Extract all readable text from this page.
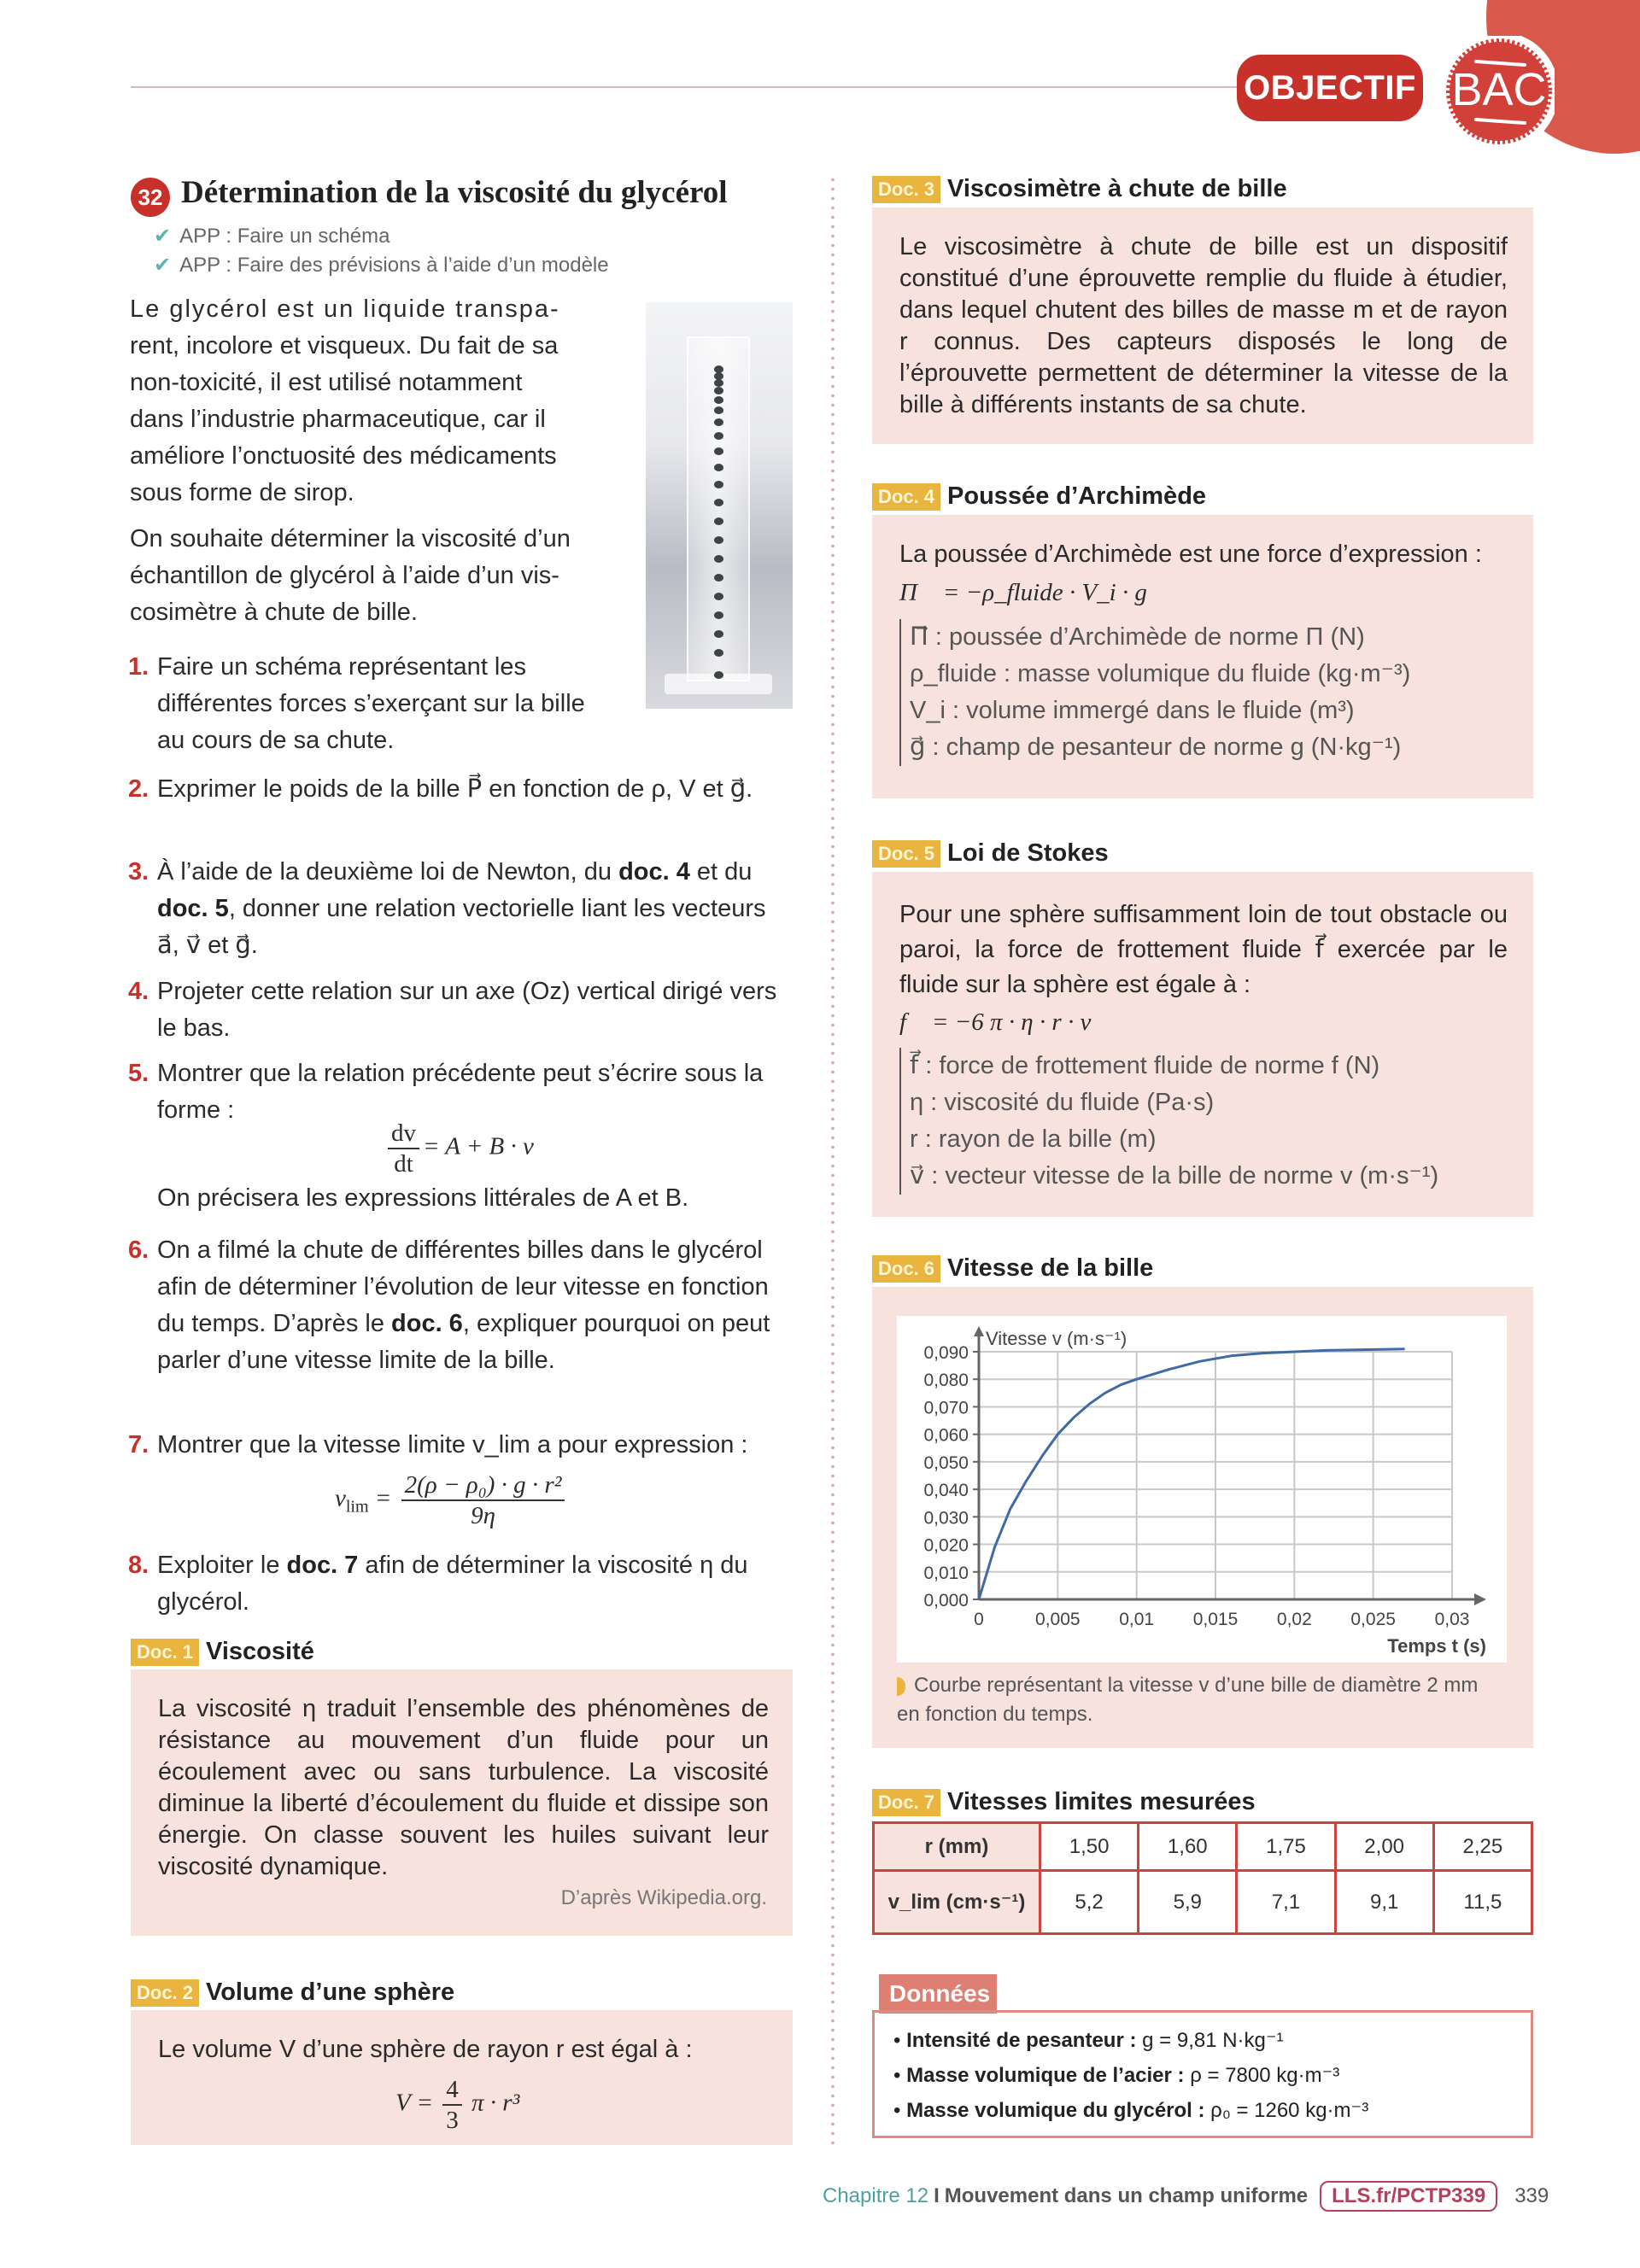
OBJECTIF BAC
32 Détermination de la viscosité du glycérol
✔ APP : Faire un schéma
✔ APP : Faire des prévisions à l’aide d’un modèle
Le glycérol est un liquide transpa-
rent, incolore et visqueux. Du fait de sa
non-toxicité, il est utilisé notamment
dans l’industrie pharmaceutique, car il
améliore l’onctuosité des médicaments
sous forme de sirop.
On souhaite déterminer la viscosité d’un
échantillon de glycérol à l’aide d’un vis-
cosimètre à chute de bille.
1. Faire un schéma représentant les différentes forces s’exerçant sur la bille au cours de sa chute.
2. Exprimer le poids de la bille P⃗ en fonction de ρ, V et g⃗.
3. À l’aide de la deuxième loi de Newton, du doc. 4 et du doc. 5, donner une relation vectorielle liant les vecteurs a⃗, v⃗ et g⃗.
4. Projeter cette relation sur un axe (Oz) vertical dirigé vers le bas.
5. Montrer que la relation précédente peut s’écrire sous la forme :
$\frac{dv}{dt} = A + B \cdot v$
On précisera les expressions littérales de A et B.
6. On a filmé la chute de différentes billes dans le glycérol afin de déterminer l’évolution de leur vitesse en fonction du temps. D’après le doc. 6, expliquer pourquoi on peut parler d’une vitesse limite de la bille.
7. Montrer que la vitesse limite v_lim a pour expression :
$v_{lim} = \frac{\text{2(ρ − ρ₀) · g · r²}}{9\eta}$
8. Exploiter le doc. 7 afin de déterminer la viscosité η du glycérol.
Doc. 1 Viscosité
La viscosité η traduit l’ensemble des phénomènes de résistance au mouvement d’un fluide pour un écoulement avec ou sans turbulence. La viscosité diminue la liberté d’écoulement du fluide et dissipe son énergie. On classe souvent les huiles suivant leur viscosité dynamique.
D’après Wikipedia.org.
Doc. 2 Volume d’une sphère
Le volume V d’une sphère de rayon r est égal à :
$V = \frac{4}{3}$ π · r³
Doc. 3 Viscosimètre à chute de bille
Le viscosimètre à chute de bille est un dispositif constitué d’une éprouvette remplie du fluide à étudier, dans lequel chutent des billes de masse m et de rayon r connus. Des capteurs disposés le long de l’éprouvette permettent de déterminer la vitesse de la bille à différents instants de sa chute.
Doc. 4 Poussée d’Archimède
La poussée d’Archimède est une force d’expression :
Π⃗ = −ρ_fluide · V_i · g⃗
Π⃗ : poussée d’Archimède de norme Π (N)
ρ_fluide : masse volumique du fluide (kg·m⁻³)
V_i : volume immergé dans le fluide (m³)
g⃗ : champ de pesanteur de norme g (N·kg⁻¹)
Doc. 5 Loi de Stokes
Pour une sphère suffisamment loin de tout obstacle ou paroi, la force de frottement fluide f⃗ exercée par le fluide sur la sphère est égale à :
f⃗ = −6 π · η · r · v⃗
f⃗ : force de frottement fluide de norme f (N)
η : viscosité du fluide (Pa·s)
r : rayon de la bille (m)
v⃗ : vecteur vitesse de la bille de norme v (m·s⁻¹)
Doc. 6 Vitesse de la bille
0,000
0,010
0,020
0,030
0,040
0,050
0,060
0,070
0,080
0,090
0	0,005 0,01 0,015 0,02 0,025 0,03
Vitesse v (m·s⁻¹)
Temps t (s)
Courbe représentant la vitesse v d’une bille de diamètre 2 mm en fonction du temps.
Doc. 7 Vitesses limites mesurées
r (mm)	1,50	1,60	1,75	2,00	2,25
v_lim (cm·s⁻¹)	5,2	5,9	7,1	9,1	11,5
Données
• Intensité de pesanteur : g = 9,81 N·kg⁻¹
• Masse volumique de l’acier : ρ = 7800 kg·m⁻³
• Masse volumique du glycérol : ρ₀ = 1260 kg·m⁻³
Chapitre 12 I Mouvement dans un champ uniforme	LLS.fr/PCTP339	339
